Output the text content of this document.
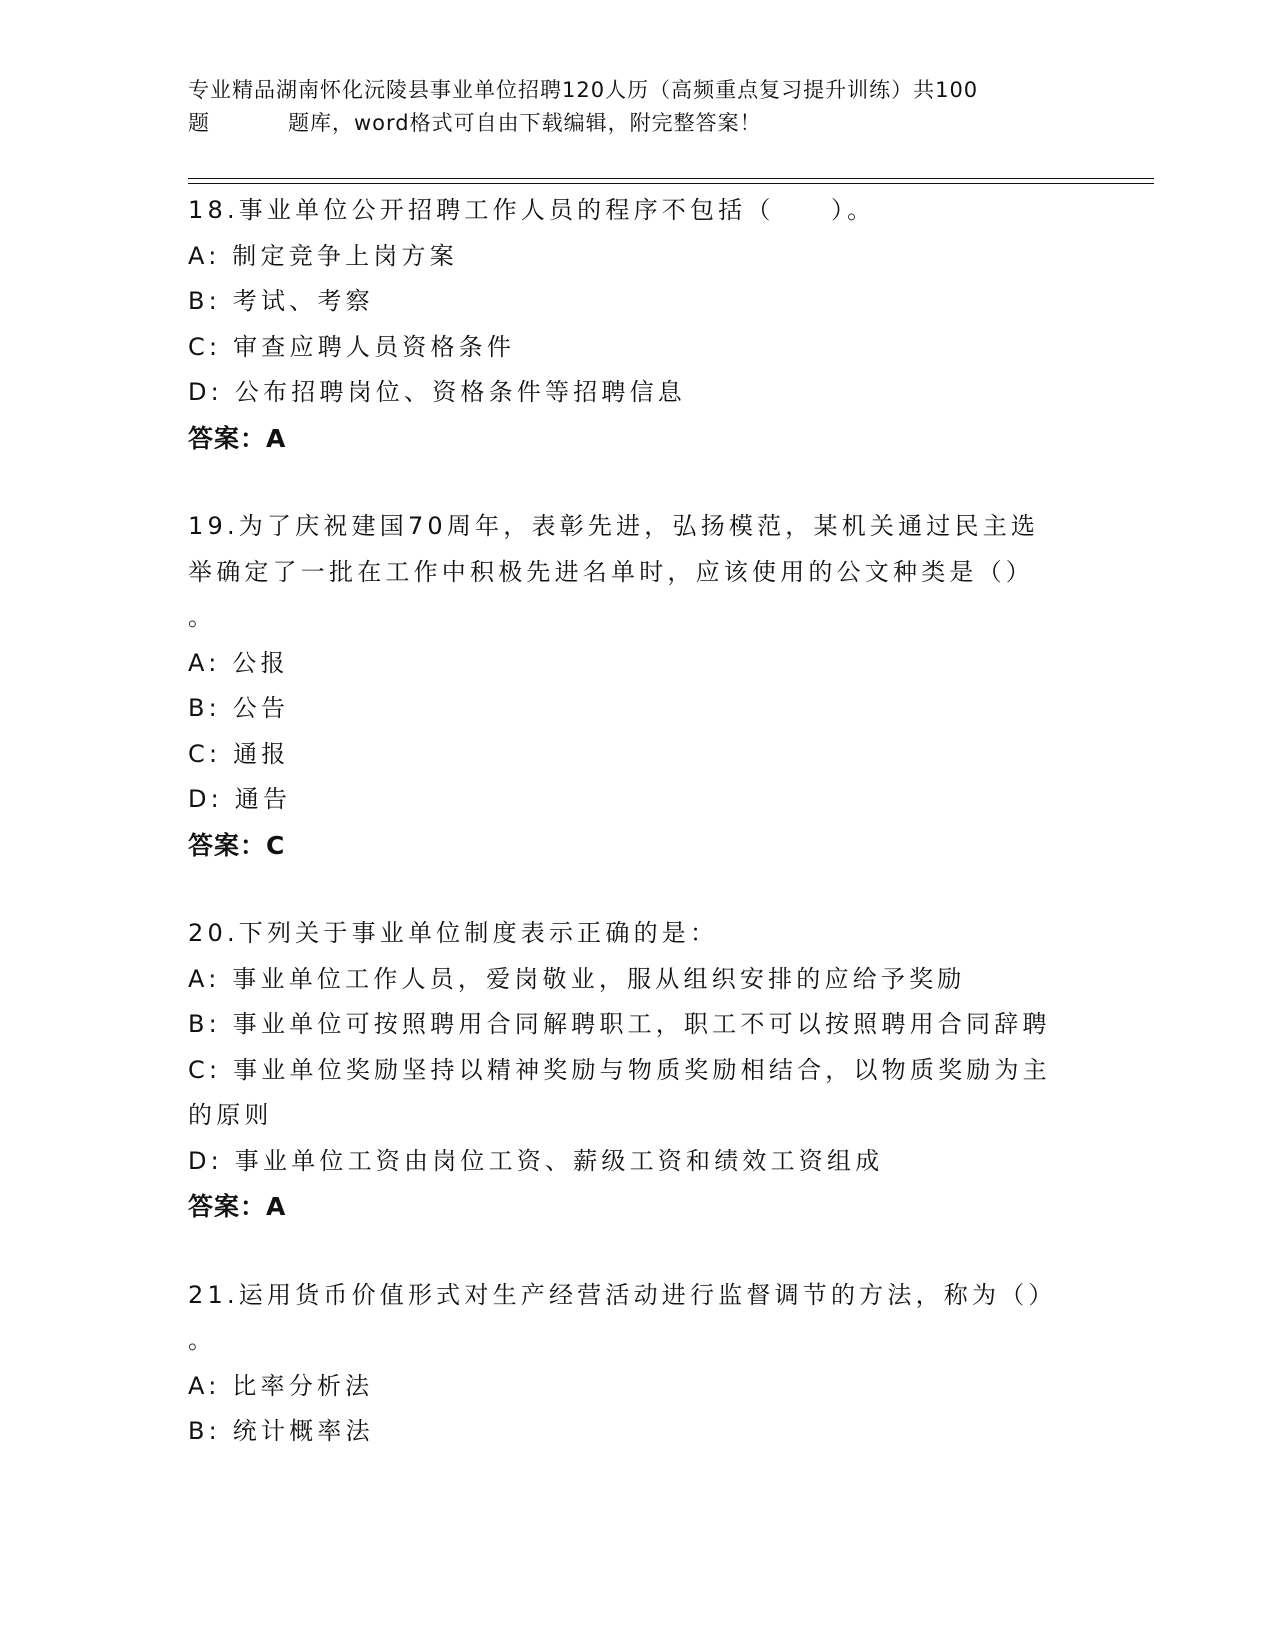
专业精品湖南怀化沅陵县事业单位招聘120人历（高频重点复习提升训练）共100
题	题库，word格式可自由下载编辑，附完整答案！
18.事业单位公开招聘工作人员的程序不包括（　　）。
A: 制定竞争上岗方案
B: 考试、考察
C: 审查应聘人员资格条件
D: 公布招聘岗位、资格条件等招聘信息
答案：A
19.为了庆祝建国70周年，表彰先进，弘扬模范，某机关通过民主选
举确定了一批在工作中积极先进名单时，应该使用的公文种类是（）
。
A: 公报
B: 公告
C: 通报
D: 通告
答案：C
20.下列关于事业单位制度表示正确的是：
A: 事业单位工作人员，爱岗敬业，服从组织安排的应给予奖励
B: 事业单位可按照聘用合同解聘职工，职工不可以按照聘用合同辞聘
C: 事业单位奖励坚持以精神奖励与物质奖励相结合，以物质奖励为主
的原则
D: 事业单位工资由岗位工资、薪级工资和绩效工资组成
答案：A
21.运用货币价值形式对生产经营活动进行监督调节的方法，称为（）
。
A: 比率分析法
B: 统计概率法
